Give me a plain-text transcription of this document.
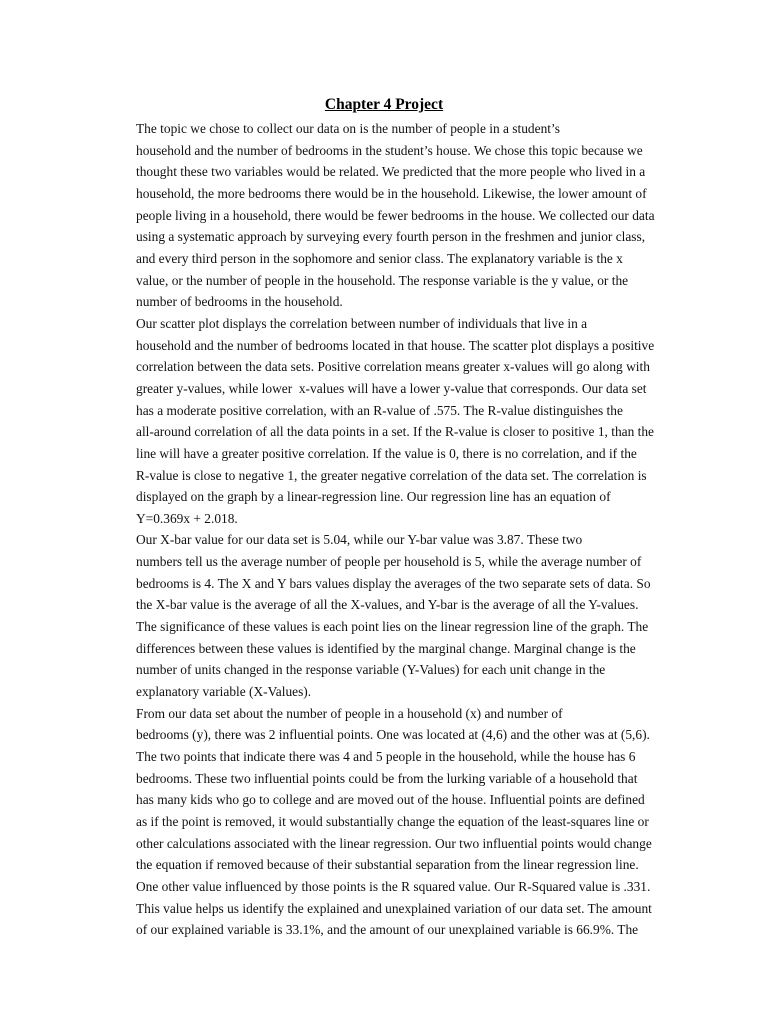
Chapter 4 Project

The topic we chose to collect our data on is the number of people in a student’s
household and the number of bedrooms in the student’s house. We chose this topic because we
thought these two variables would be related. We predicted that the more people who lived in a
household, the more bedrooms there would be in the household. Likewise, the lower amount of
people living in a household, there would be fewer bedrooms in the house. We collected our data
using a systematic approach by surveying every fourth person in the freshmen and junior class,
and every third person in the sophomore and senior class. The explanatory variable is the x
value, or the number of people in the household. The response variable is the y value, or the
number of bedrooms in the household.

Our scatter plot displays the correlation between number of individuals that live in a
household and the number of bedrooms located in that house. The scatter plot displays a positive
correlation between the data sets. Positive correlation means greater x-values will go along with
greater y-values, while lower  x-values will have a lower y-value that corresponds. Our data set
has a moderate positive correlation, with an R-value of .575. The R-value distinguishes the
all-around correlation of all the data points in a set. If the R-value is closer to positive 1, than the
line will have a greater positive correlation. If the value is 0, there is no correlation, and if the
R-value is close to negative 1, the greater negative correlation of the data set. The correlation is
displayed on the graph by a linear-regression line. Our regression line has an equation of
Y=0.369x + 2.018.

Our X-bar value for our data set is 5.04, while our Y-bar value was 3.87. These two
numbers tell us the average number of people per household is 5, while the average number of
bedrooms is 4. The X and Y bars values display the averages of the two separate sets of data. So
the X-bar value is the average of all the X-values, and Y-bar is the average of all the Y-values.
The significance of these values is each point lies on the linear regression line of the graph. The
differences between these values is identified by the marginal change. Marginal change is the
number of units changed in the response variable (Y-Values) for each unit change in the
explanatory variable (X-Values).

From our data set about the number of people in a household (x) and number of
bedrooms (y), there was 2 influential points. One was located at (4,6) and the other was at (5,6).
The two points that indicate there was 4 and 5 people in the household, while the house has 6
bedrooms. These two influential points could be from the lurking variable of a household that
has many kids who go to college and are moved out of the house. Influential points are defined
as if the point is removed, it would substantially change the equation of the least-squares line or
other calculations associated with the linear regression. Our two influential points would change
the equation if removed because of their substantial separation from the linear regression line.
One other value influenced by those points is the R squared value. Our R-Squared value is .331.
This value helps us identify the explained and unexplained variation of our data set. The amount
of our explained variable is 33.1%, and the amount of our unexplained variable is 66.9%. The
